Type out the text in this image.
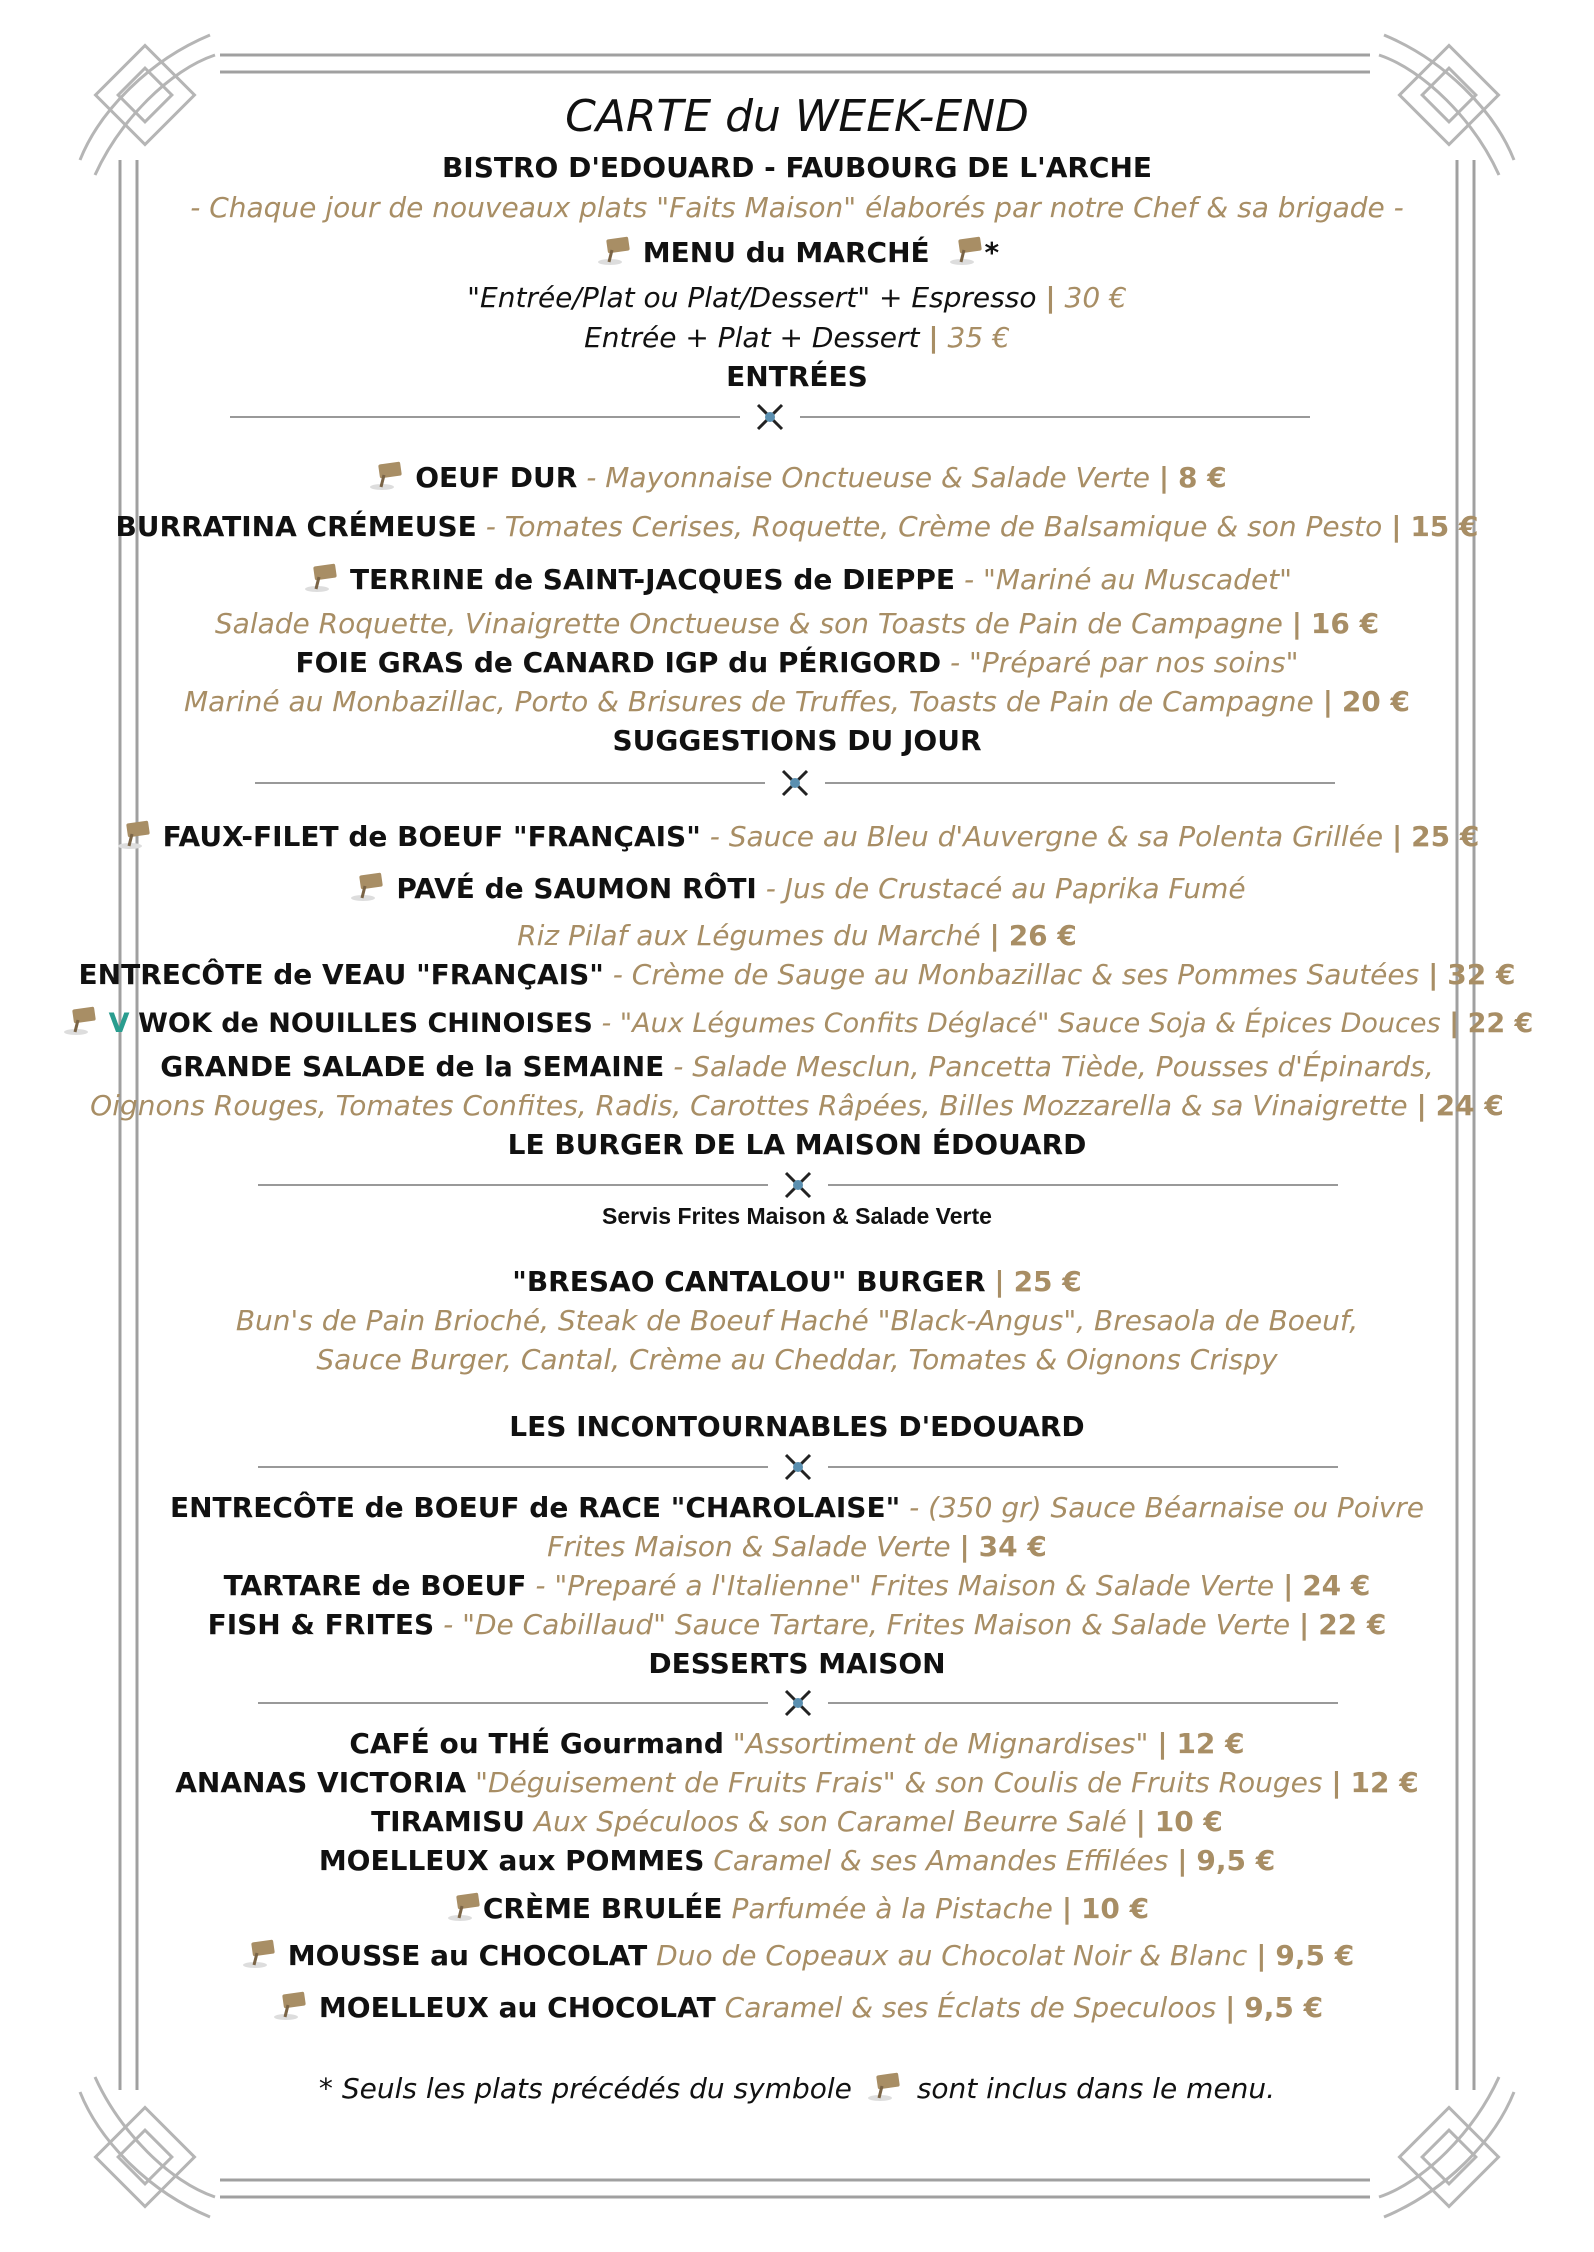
CARTE du WEEK-END
BISTRO D'EDOUARD - FAUBOURG DE L'ARCHE
- Chaque jour de nouveaux plats "Faits Maison" élaborés par notre Chef & sa brigade -
MENU du MARCHÉ *
"Entrée/Plat ou Plat/Dessert" + Espresso | 30 €
Entrée + Plat + Dessert | 35 €
ENTRÉES
OEUF DUR - Mayonnaise Onctueuse & Salade Verte | 8 €
BURRATINA CRÉMEUSE - Tomates Cerises, Roquette, Crème de Balsamique & son Pesto | 15 €
TERRINE de SAINT-JACQUES de DIEPPE - "Mariné au Muscadet"
Salade Roquette, Vinaigrette Onctueuse & son Toasts de Pain de Campagne | 16 €
FOIE GRAS de CANARD IGP du PÉRIGORD - "Préparé par nos soins"
Mariné au Monbazillac, Porto & Brisures de Truffes, Toasts de Pain de Campagne | 20 €
SUGGESTIONS DU JOUR
FAUX-FILET de BOEUF "FRANÇAIS" - Sauce au Bleu d'Auvergne & sa Polenta Grillée | 25 €
PAVÉ de SAUMON RÔTI - Jus de Crustacé au Paprika Fumé
Riz Pilaf aux Légumes du Marché | 26 €
ENTRECÔTE de VEAU "FRANÇAIS" - Crème de Sauge au Monbazillac & ses Pommes Sautées | 32 €
V WOK de NOUILLES CHINOISES - "Aux Légumes Confits Déglacé" Sauce Soja & Épices Douces | 22 €
GRANDE SALADE de la SEMAINE - Salade Mesclun, Pancetta Tiède, Pousses d'Épinards,
Oignons Rouges, Tomates Confites, Radis, Carottes Râpées, Billes Mozzarella & sa Vinaigrette | 24 €
LE BURGER DE LA MAISON ÉDOUARD
Servis Frites Maison & Salade Verte
"BRESAO CANTALOU" BURGER | 25 €
Bun's de Pain Brioché, Steak de Boeuf Haché "Black-Angus", Bresaola de Boeuf,
Sauce Burger, Cantal, Crème au Cheddar, Tomates & Oignons Crispy
LES INCONTOURNABLES D'EDOUARD
ENTRECÔTE de BOEUF de RACE "CHAROLAISE" - (350 gr) Sauce Béarnaise ou Poivre
Frites Maison & Salade Verte | 34 €
TARTARE de BOEUF - "Preparé a l'Italienne" Frites Maison & Salade Verte | 24 €
FISH & FRITES - "De Cabillaud" Sauce Tartare, Frites Maison & Salade Verte | 22 €
DESSERTS MAISON
CAFÉ ou THÉ Gourmand "Assortiment de Mignardises" | 12 €
ANANAS VICTORIA "Déguisement de Fruits Frais" & son Coulis de Fruits Rouges | 12 €
TIRAMISU Aux Spéculoos & son Caramel Beurre Salé | 10 €
MOELLEUX aux POMMES Caramel & ses Amandes Effilées | 9,5 €
CRÈME BRULÉE Parfumée à la Pistache | 10 €
MOUSSE au CHOCOLAT Duo de Copeaux au Chocolat Noir & Blanc | 9,5 €
MOELLEUX au CHOCOLAT Caramel & ses Éclats de Speculoos | 9,5 €
* Seuls les plats précédés du symbole sont inclus dans le menu.
